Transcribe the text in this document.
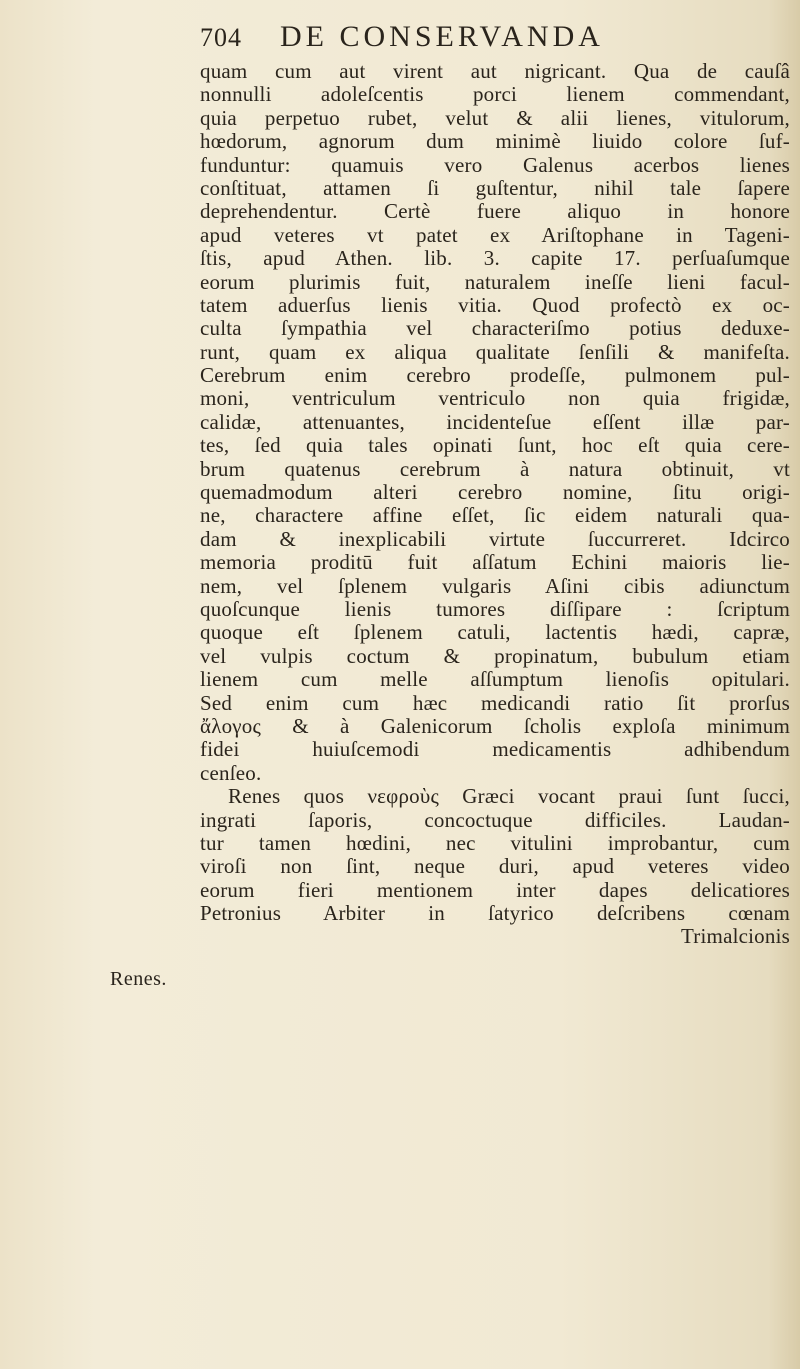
704	DE CONSERVANDA
Renes.
quam cum aut virent aut nigricant. Qua de cauſâ
nonnulli adoleſcentis porci lienem commendant,
quia perpetuo rubet, velut & alii lienes, vitulorum,
hœdorum, agnorum dum minimè liuido colore ſuf-
funduntur: quamuis vero Galenus acerbos lienes
conſtituat, attamen ſi guſtentur, nihil tale ſapere
deprehendentur. Certè fuere aliquo in honore
apud veteres vt patet ex Ariſtophane in Tageni-
ſtis, apud Athen. lib. 3. capite 17. perſuaſumque
eorum plurimis fuit, naturalem ineſſe lieni facul-
tatem aduerſus lienis vitia. Quod profectò ex oc-
culta ſympathia vel characteriſmo potius deduxe-
runt, quam ex aliqua qualitate ſenſili & manifeſta.
Cerebrum enim cerebro prodeſſe, pulmonem pul-
moni, ventriculum ventriculo non quia frigidæ,
calidæ, attenuantes, incidenteſue eſſent illæ par-
tes, ſed quia tales opinati ſunt, hoc eſt quia cere-
brum quatenus cerebrum à natura obtinuit, vt
quemadmodum alteri cerebro nomine, ſitu origi-
ne, charactere affine eſſet, ſic eidem naturali qua-
dam & inexplicabili virtute ſuccurreret. Idcirco
memoria proditū fuit aſſatum Echini maioris lie-
nem, vel ſplenem vulgaris Aſini cibis adiunctum
quoſcunque lienis tumores diſſipare : ſcriptum
quoque eſt ſplenem catuli, lactentis hædi, capræ,
vel vulpis coctum & propinatum, bubulum etiam
lienem cum melle aſſumptum lienoſis opitulari.
Sed enim cum hæc medicandi ratio ſit prorſus
ἄλογος & à Galenicorum ſcholis exploſa minimum
fidei huiuſcemodi medicamentis adhibendum
cenſeo.
Renes quos νεφροὺς Græci vocant praui ſunt ſucci,
ingrati ſaporis, concoctuque difficiles. Laudan-
tur tamen hœdini, nec vitulini improbantur, cum
viroſi non ſint, neque duri, apud veteres video
eorum fieri mentionem inter dapes delicatiores
Petronius Arbiter in ſatyrico deſcribens cœnam
Trimalcionis
